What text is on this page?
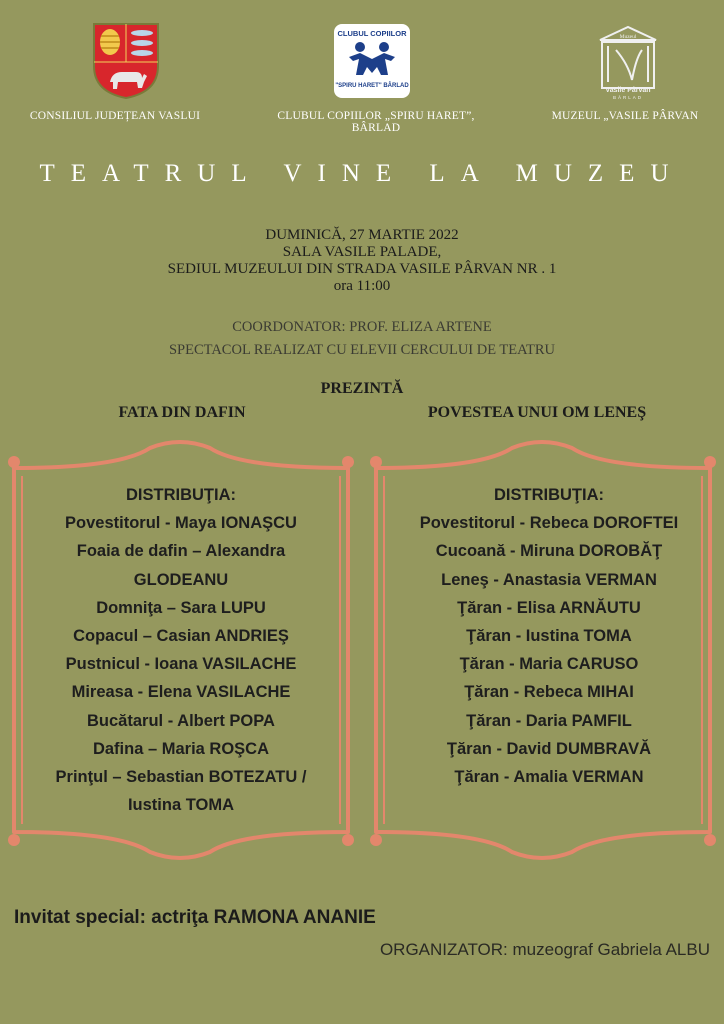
CLUBUL COPIILOR
"SPIRU HARET" BÂRLAD
Muzeul
Vasile Pârvan
BÂRLAD
CONSILIUL JUDEȚEAN VASLUI	CLUBUL COPIILOR „SPIRU HARET”, BÂRLAD
MUZEUL „VASILE PÂRVAN
TEATRUL VINE LA MUZEU
DUMINICĂ, 27 MARTIE 2022
SALA VASILE PALADE,
SEDIUL MUZEULUI DIN STRADA VASILE PÂRVAN NR . 1
ora 11:00
COORDONATOR: PROF. ELIZA ARTENE
SPECTACOL REALIZAT CU ELEVII CERCULUI DE TEATRU
PREZINTĂ
FATA DIN DAFIN	POVESTEA UNUI OM LENEŞ
DISTRIBUŢIA:
Povestitorul - Maya IONAŞCU
Foaia de dafin – Alexandra
GLODEANU
Domniţa – Sara LUPU
Copacul – Casian ANDRIEŞ
Pustnicul - Ioana VASILACHE
Mireasa - Elena VASILACHE
Bucătarul - Albert POPA
Dafina – Maria ROŞCA
Prinţul – Sebastian BOTEZATU /
Iustina TOMA
DISTRIBUŢIA:
Povestitorul - Rebeca DOROFTEI
Cucoană - Miruna DOROBĂŢ
Leneş - Anastasia VERMAN
Ţăran - Elisa ARNĂUTU
Ţăran - Iustina TOMA
Ţăran - Maria CARUSO
Ţăran - Rebeca MIHAI
Ţăran - Daria PAMFIL
Ţăran - David DUMBRAVĂ
Ţăran - Amalia VERMAN
Invitat special: actriţa RAMONA ANANIE
ORGANIZATOR: muzeograf Gabriela ALBU
